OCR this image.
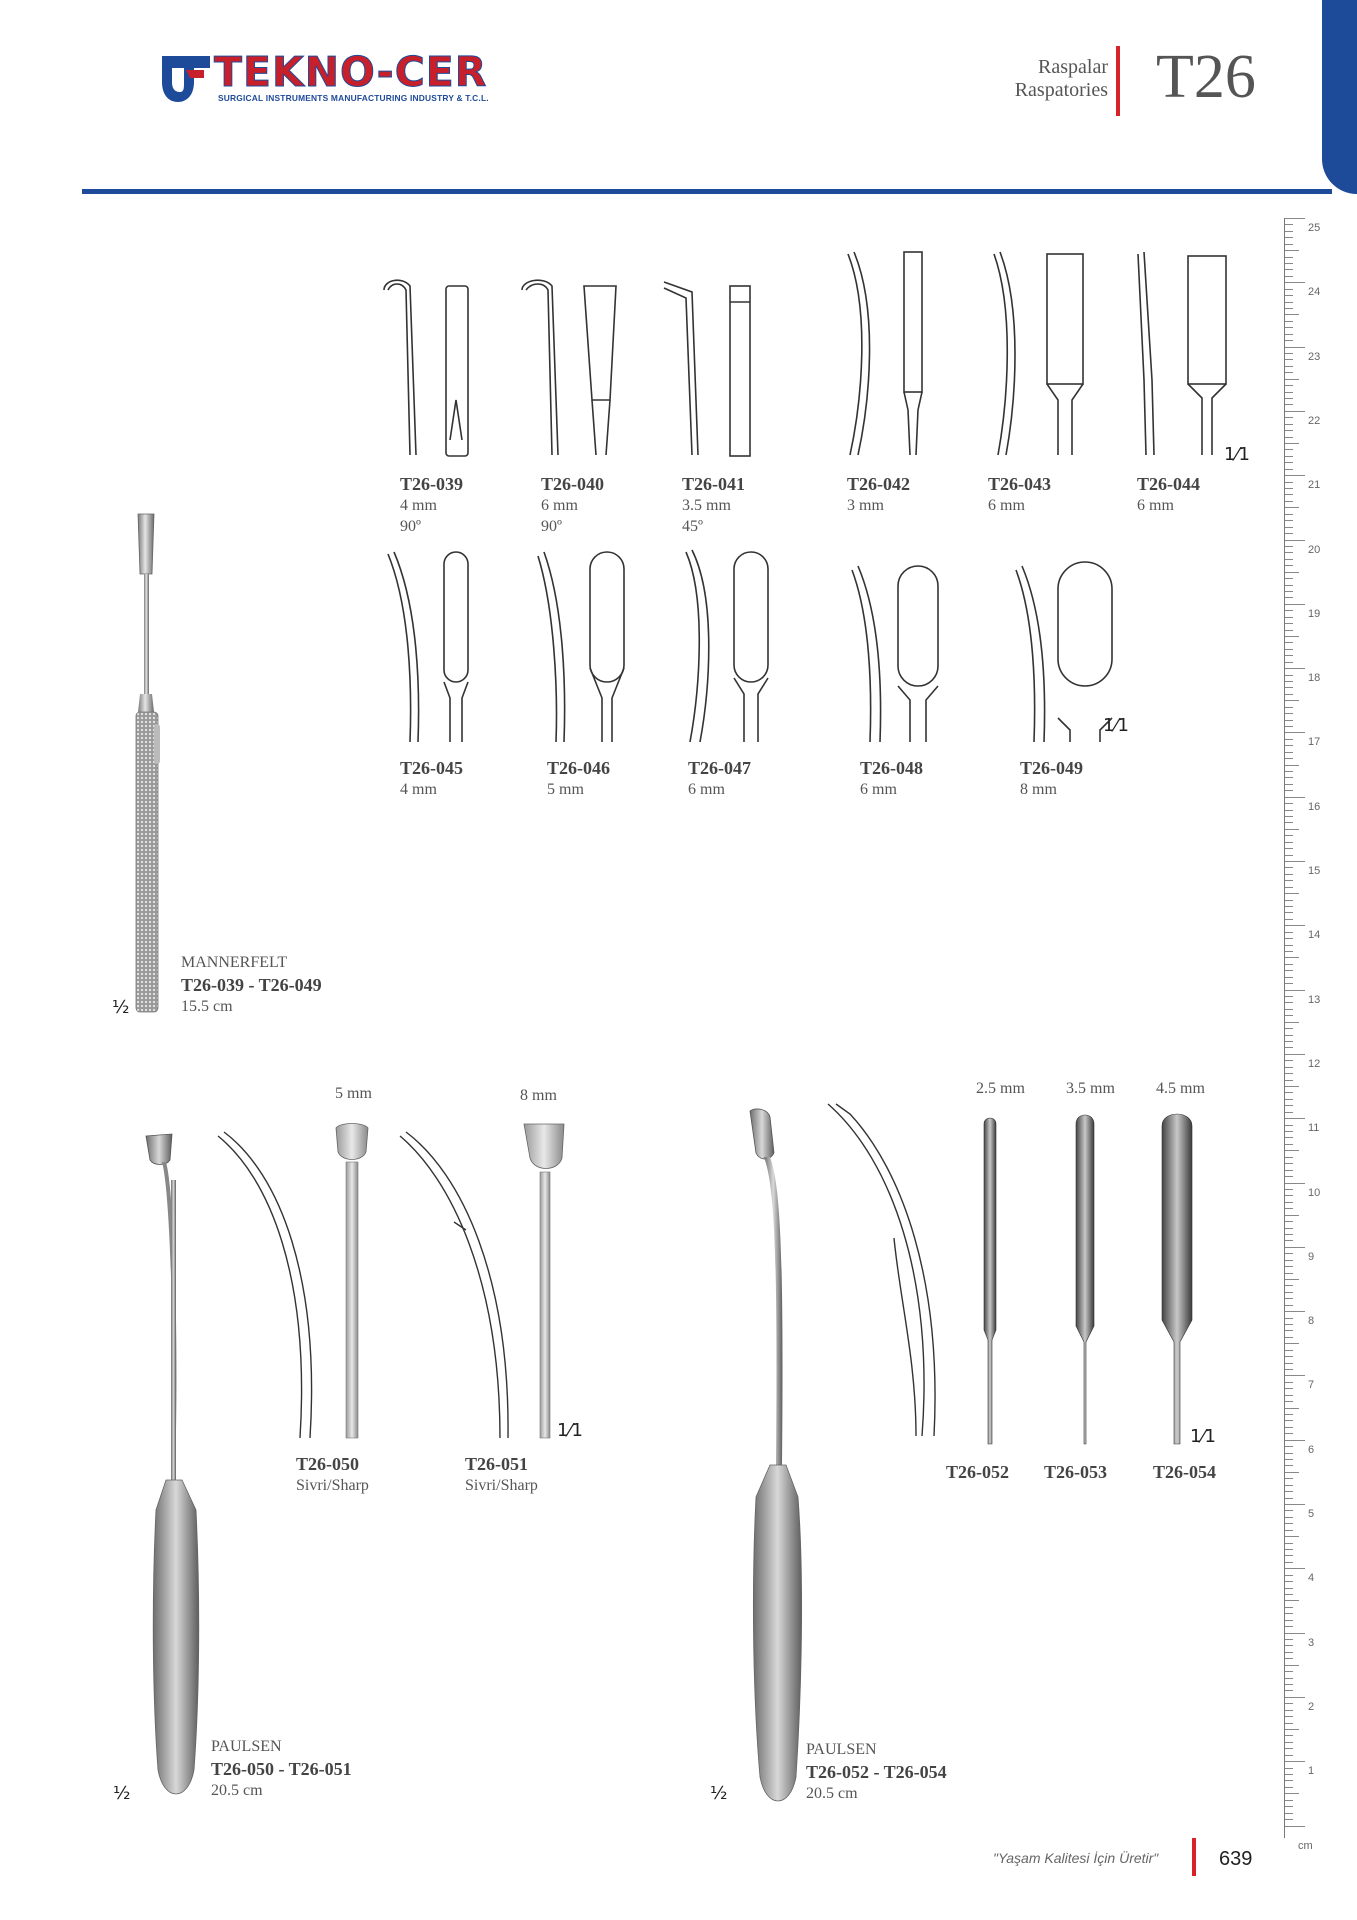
TEKNO-CER
SURGICAL INSTRUMENTS MANUFACTURING INDUSTRY & T.C.L.
Raspalar
Raspatories T26
½
MANNERFELT
T26-039 - T26-049
15.5 cm
1⁄1
T26-039
4 mm
90º
T26-040
6 mm
90º
T26-041
3.5 mm
45º
T26-042
3 mm
T26-043
6 mm
T26-044
6 mm
1⁄1
T26-045
4 mm
T26-046
5 mm
T26-047
6 mm
T26-048
6 mm
T26-049
8 mm
½
PAULSEN
T26-050 - T26-051
20.5 cm
5 mm	8 mm
1⁄1
T26-050
Sivri/Sharp
T26-051
Sivri/Sharp
½
PAULSEN
T26-052 - T26-054
20.5 cm
2.5 mm	3.5 mm	4.5 mm
1⁄1
T26-052 T26-053	T26-054
1
2
3
4
5
6
7
8
9
10
11
12
13
14
15
16
17
18
19
20
21
22
23
24
25
cm
"Yaşam Kalitesi İçin Üretir"	639
